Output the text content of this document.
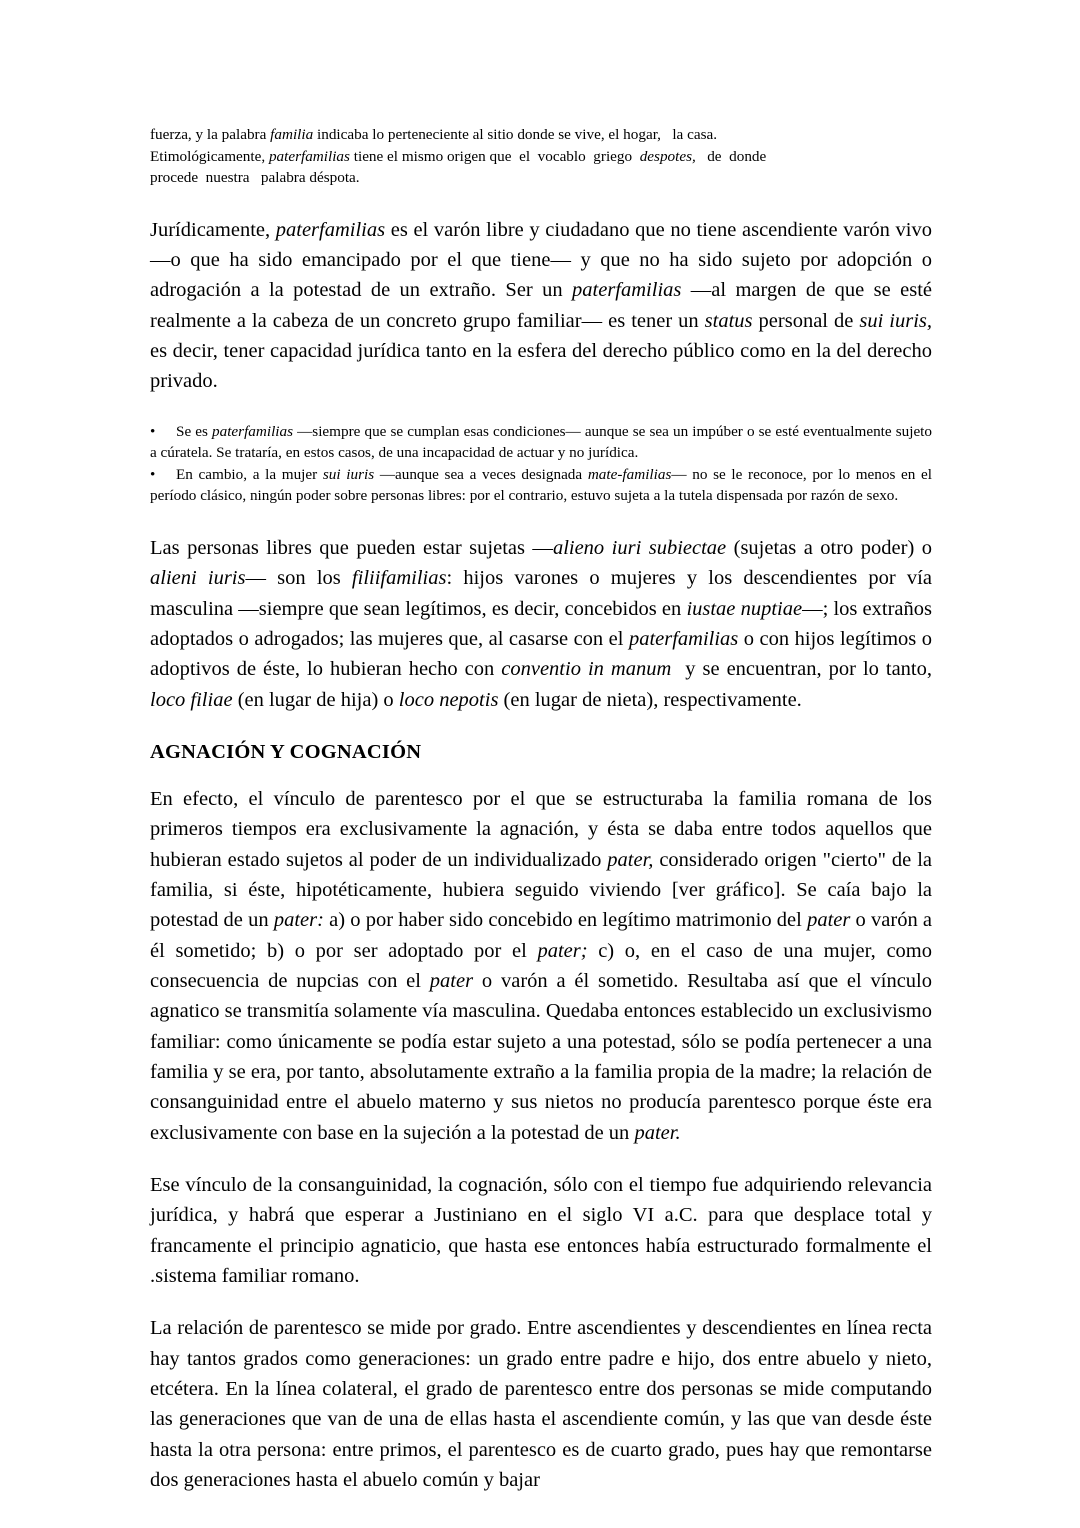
fuerza, y la palabra familia indicaba lo perteneciente al sitio donde se vive, el hogar,   la casa.
Etimológicamente, paterfamilias tiene el mismo origen que  el  vocablo  griego  despotes,   de  donde
procede  nuestra   palabra déspota.

Jurídicamente, paterfamilias es el varón libre y ciudadano que no tiene ascendiente varón vivo —o que ha sido emancipado por el que tiene— y que no ha sido sujeto por adopción o adrogación a la potestad de un extraño. Ser un paterfamilias —al margen de que se esté realmente a la cabeza de un concreto grupo familiar— es tener un status personal de sui iuris, es decir, tener capacidad jurídica tanto en la esfera del derecho público como en la del derecho privado.

• Se es paterfamilias —siempre que se cumplan esas condiciones— aunque se sea un impúber o se esté eventualmente sujeto a cúratela. Se trataría, en estos casos, de una incapacidad de actuar y no jurídica.
• En cambio, a la mujer sui iuris —aunque sea a veces designada mate-familias— no se le reconoce, por lo menos en el período clásico, ningún poder sobre personas libres: por el contrario, estuvo sujeta a la tutela dispensada por razón de sexo.

Las personas libres que pueden estar sujetas —alieno iuri subiectae (sujetas a otro poder) o alieni iuris— son los filiifamilias: hijos varones o mujeres y los descendientes por vía masculina —siempre que sean legítimos, es decir, concebidos en iustae nuptiae—; los extraños adoptados o adrogados; las mujeres que, al casarse con el paterfamilias o con hijos legítimos o adoptivos de éste, lo hubieran hecho con conventio in manum  y se encuentran, por lo tanto, loco filiae (en lugar de hija) o loco nepotis (en lugar de nieta), respectivamente.

AGNACIÓN Y COGNACIÓN

En efecto, el vínculo de parentesco por el que se estructuraba la familia romana de los primeros tiempos era exclusivamente la agnación, y ésta se daba entre todos aquellos que hubieran estado sujetos al poder de un individualizado pater, considerado origen "cierto" de la familia, si éste, hipotéticamente, hubiera seguido viviendo [ver gráfico]. Se caía bajo la potestad de un pater: a) o por haber sido concebido en legítimo matrimonio del pater o varón a él sometido; b) o por ser adoptado por el pater; c) o, en el caso de una mujer, como consecuencia de nupcias con el pater o varón a él sometido. Resultaba así que el vínculo agnatico se transmitía solamente vía masculina. Quedaba entonces establecido un exclusivismo familiar: como únicamente se podía estar sujeto a una potestad, sólo se podía pertenecer a una familia y se era, por tanto, absolutamente extraño a la familia propia de la madre; la relación de consanguinidad entre el abuelo materno y sus nietos no producía parentesco porque éste era exclusivamente con base en la sujeción a la potestad de un pater.

Ese vínculo de la consanguinidad, la cognación, sólo con el tiempo fue adquiriendo relevancia jurídica, y habrá que esperar a Justiniano en el siglo VI a.C. para que desplace total y francamente el principio agnaticio, que hasta ese entonces había estructurado formalmente el .sistema familiar romano.

La relación de parentesco se mide por grado. Entre ascendientes y descendientes en línea recta hay tantos grados como generaciones: un grado entre padre e hijo, dos entre abuelo y nieto, etcétera. En la línea colateral, el grado de parentesco entre dos personas se mide computando las generaciones que van de una de ellas hasta el ascendiente común, y las que van desde éste hasta la otra persona: entre primos, el parentesco es de cuarto grado, pues hay que remontarse dos generaciones hasta el abuelo común y bajar
